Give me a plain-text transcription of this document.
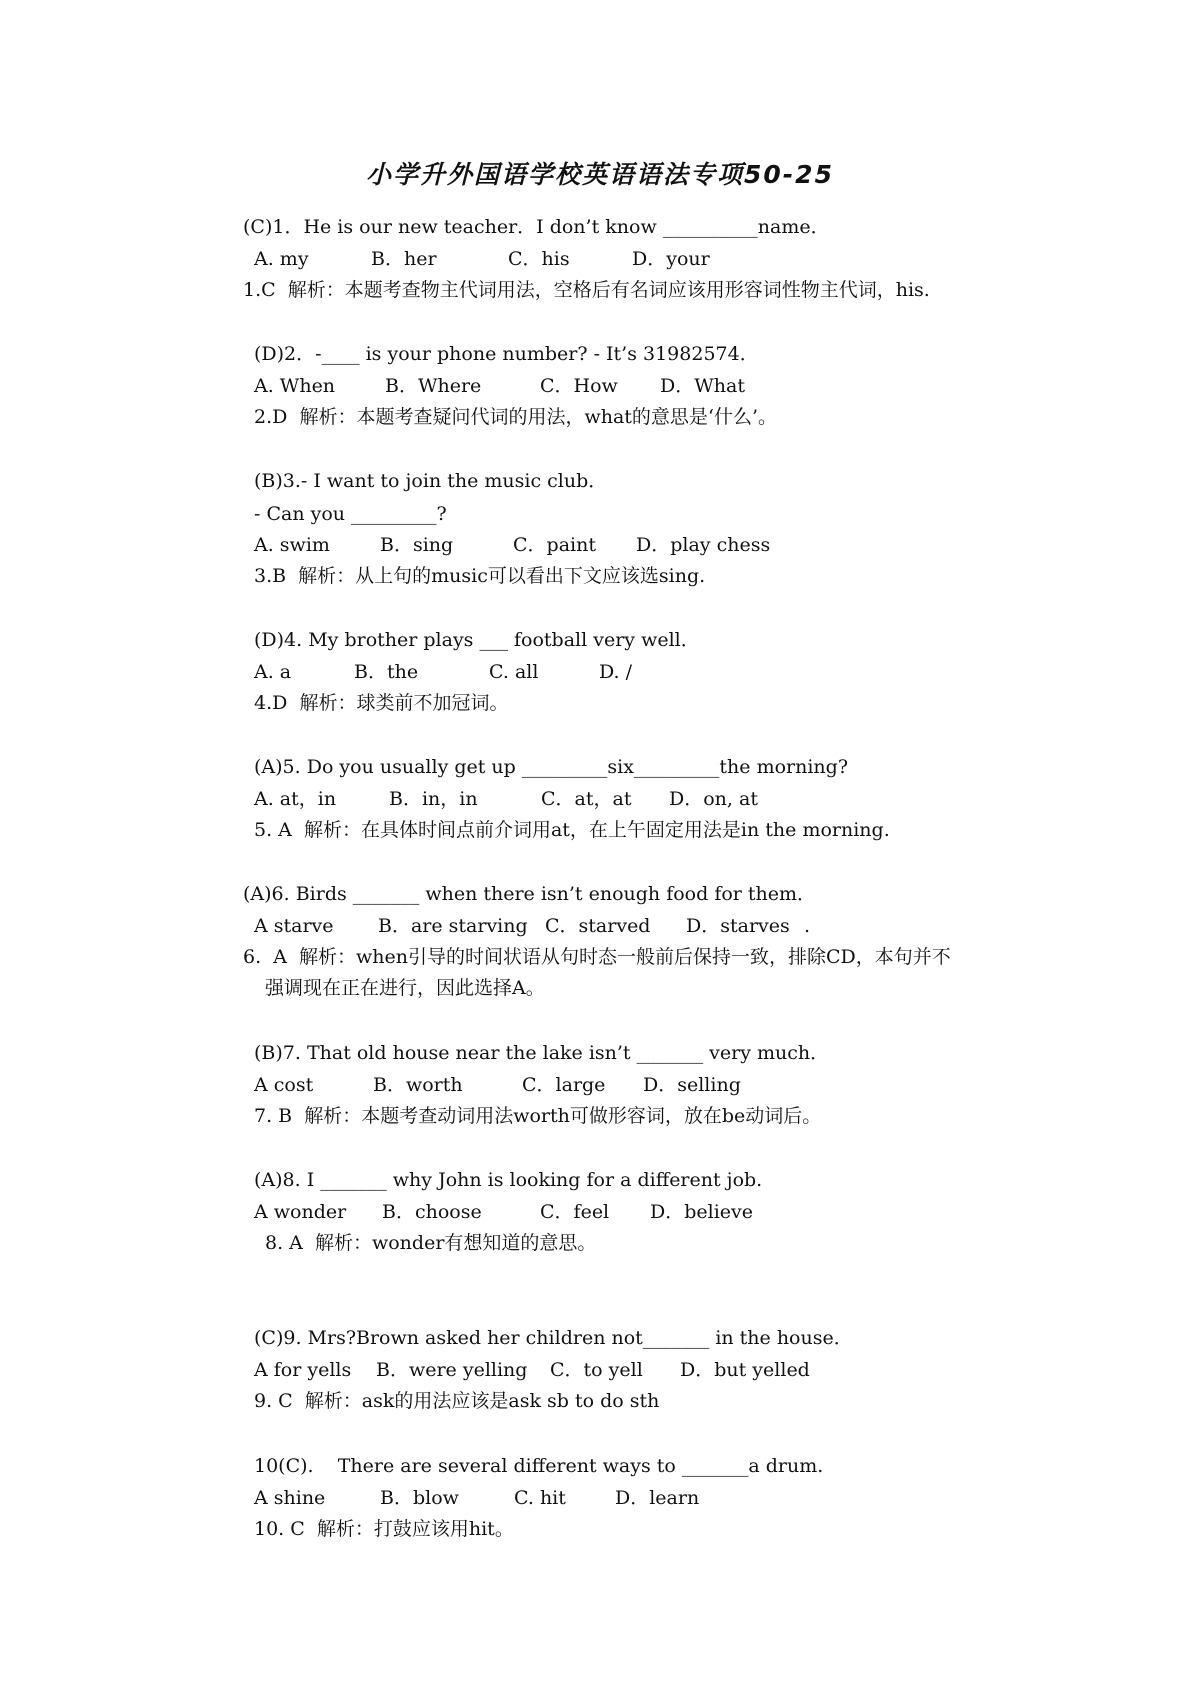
小学升外国语学校英语语法专项50-25
(C)1．He is our new teacher．I don’t know __________name．
A. my	B．her	C．his	D．your
1.C  解析：本题考查物主代词用法，空格后有名词应该用形容词性物主代词，his.
(D)2．-____ is your phone number? - It’s 31982574．
A. When	B．Where	C．How D．What
2.D  解析：本题考查疑问代词的用法，what的意思是‘什么’。
(B)3.- I want to join the music club．
- Can you _________?
A. swim	B．sing	C．paint D．play chess
3.B  解析：从上句的music可以看出下文应该选sing.
(D)4. My brother plays ___ football very well．
A. a	B．the	C. all	D. /
4.D  解析：球类前不加冠词。
(A)5. Do you usually get up _________six_________the morning?
A. at，in	B．in，in	C．at，at D．on, at
5. A  解析：在具体时间点前介词用at，在上午固定用法是in the morning.
(A)6. Birds _______ when there isn’t enough food for them．
A starve B．are starving C．starved D．starves .
6.  A  解析：when引导的时间状语从句时态一般前后保持一致，排除CD，本句并不
强调现在正在进行，因此选择A。
(B)7. That old house near the lake isn’t _______ very much．
A cost	B．worth	C．large D．selling
7. B  解析：本题考查动词用法worth可做形容词，放在be动词后。
(A)8. I _______ why John is looking for a different job.
A wonder B．choose	C．feel D．believe
8. A  解析：wonder有想知道的意思。
(C)9. Mrs?Brown asked her children not_______ in the house．
A for yells B．were yelling C．to yell D．but yelled
9. C  解析：ask的用法应该是ask sb to do sth
10(C).    There are several different ways to _______a drum.
A shine	B．blow	C. hit	D．learn
10. C  解析：打鼓应该用hit。
